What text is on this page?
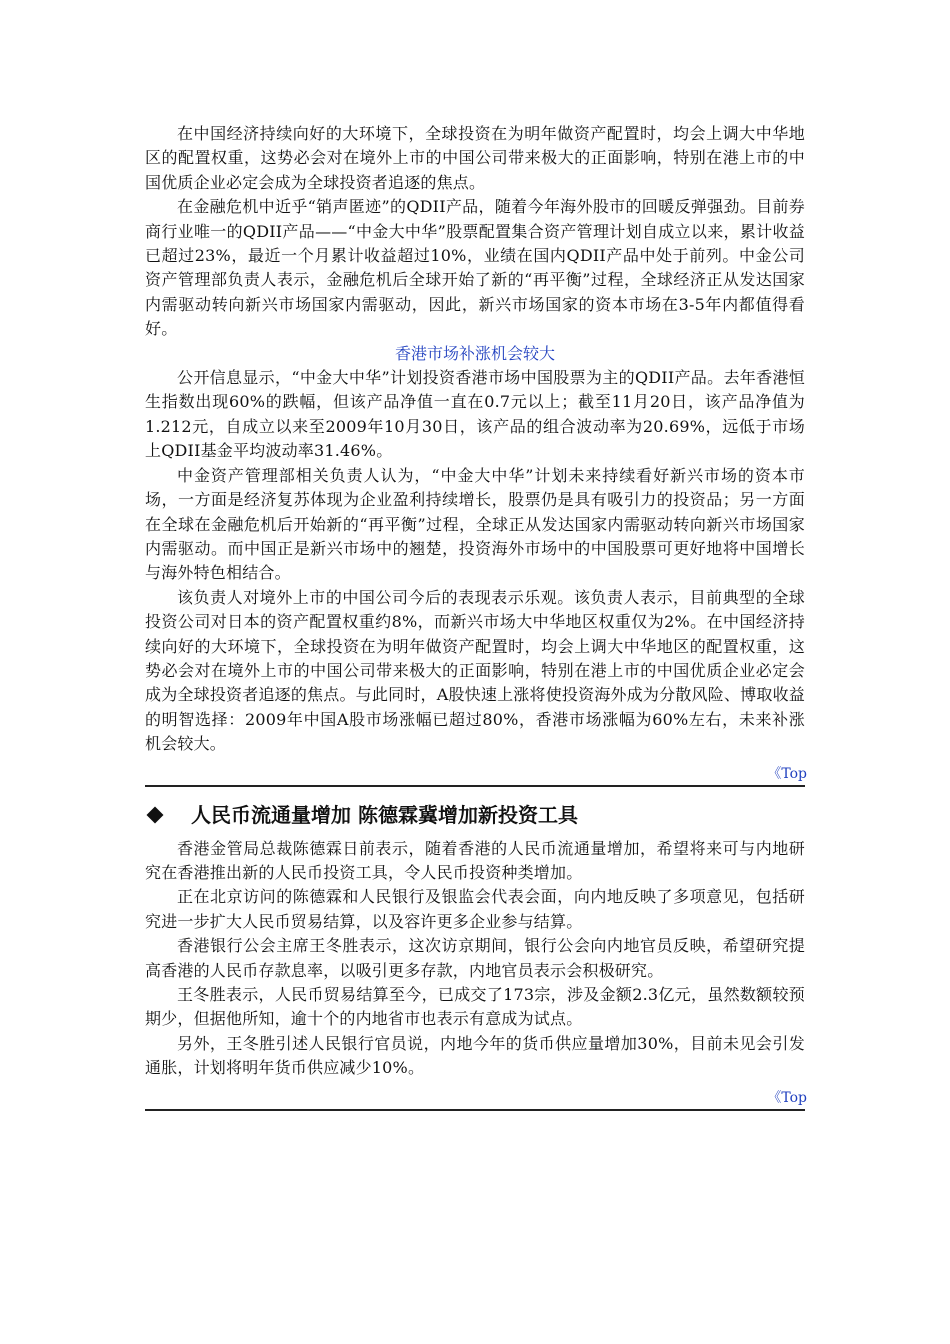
在中国经济持续向好的大环境下，全球投资在为明年做资产配置时，均会上调大中华地区的配置权重，这势必会对在境外上市的中国公司带来极大的正面影响，特别在港上市的中国优质企业必定会成为全球投资者追逐的焦点。

在金融危机中近乎“销声匿迹”的QDII产品，随着今年海外股市的回暖反弹强劲。目前券商行业唯一的QDII产品——“中金大中华”股票配置集合资产管理计划自成立以来，累计收益已超过23%，最近一个月累计收益超过10%，业绩在国内QDII产品中处于前列。中金公司资产管理部负责人表示，金融危机后全球开始了新的“再平衡”过程，全球经济正从发达国家内需驱动转向新兴市场国家内需驱动，因此，新兴市场国家的资本市场在3-5年内都值得看好。

香港市场补涨机会较大

公开信息显示，“中金大中华”计划投资香港市场中国股票为主的QDII产品。去年香港恒生指数出现60%的跌幅，但该产品净值一直在0.7元以上；截至11月20日，该产品净值为1.212元，自成立以来至2009年10月30日，该产品的组合波动率为20.69%，远低于市场上QDII基金平均波动率31.46%。

中金资产管理部相关负责人认为，“中金大中华”计划未来持续看好新兴市场的资本市场，一方面是经济复苏体现为企业盈利持续增长，股票仍是具有吸引力的投资品；另一方面在全球在金融危机后开始新的“再平衡”过程，全球正从发达国家内需驱动转向新兴市场国家内需驱动。而中国正是新兴市场中的翘楚，投资海外市场中的中国股票可更好地将中国增长与海外特色相结合。

该负责人对境外上市的中国公司今后的表现表示乐观。该负责人表示，目前典型的全球投资公司对日本的资产配置权重约8%，而新兴市场大中华地区权重仅为2%。在中国经济持续向好的大环境下，全球投资在为明年做资产配置时，均会上调大中华地区的配置权重，这势必会对在境外上市的中国公司带来极大的正面影响，特别在港上市的中国优质企业必定会成为全球投资者追逐的焦点。与此同时，A股快速上涨将使投资海外成为分散风险、博取收益的明智选择：2009年中国A股市场涨幅已超过80%，香港市场涨幅为60%左右，未来补涨机会较大。

《Top
人民币流通量增加 陈德霖冀增加新投资工具

香港金管局总裁陈德霖日前表示，随着香港的人民币流通量增加，希望将来可与内地研究在香港推出新的人民币投资工具，令人民币投资种类增加。

正在北京访问的陈德霖和人民银行及银监会代表会面，向内地反映了多项意见，包括研究进一步扩大人民币贸易结算，以及容许更多企业参与结算。

香港银行公会主席王冬胜表示，这次访京期间，银行公会向内地官员反映，希望研究提高香港的人民币存款息率，以吸引更多存款，内地官员表示会积极研究。

王冬胜表示，人民币贸易结算至今，已成交了173宗，涉及金额2.3亿元，虽然数额较预期少，但据他所知，逾十个的内地省市也表示有意成为试点。

另外，王冬胜引述人民银行官员说，内地今年的货币供应量增加30%，目前未见会引发通胀，计划将明年货币供应减少10%。

《Top
